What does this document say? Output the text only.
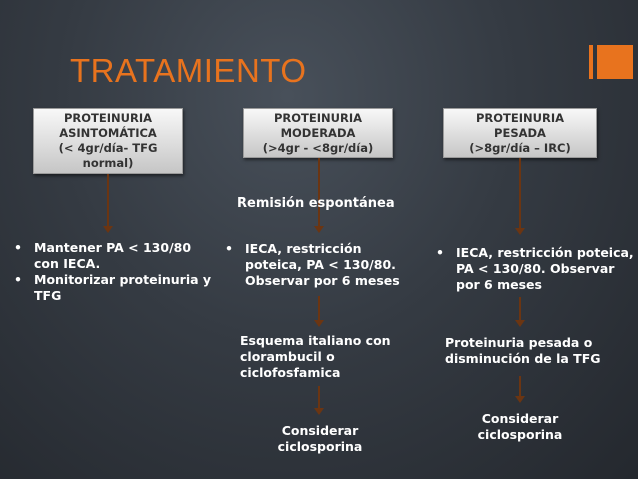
TRATAMIENTO
PROTEINURIA
ASINTOMÁTICA
(< 4gr/día- TFG
normal)
PROTEINURIA
MODERADA
(>4gr - <8gr/día)
PROTEINURIA
PESADA
(>8gr/día – IRC)
Remisión espontánea
• Mantener PA < 130/80 con IECA.
• Monitorizar proteinuria y TFG
• IECA, restricción poteica, PA < 130/80. Observar por 6 meses
• IECA, restricción poteica, PA < 130/80. Observar por 6 meses
Esquema italiano con clorambucil o ciclofosfamica
Proteinuria pesada o disminución de la TFG
Considerar ciclosporina
Considerar ciclosporina
